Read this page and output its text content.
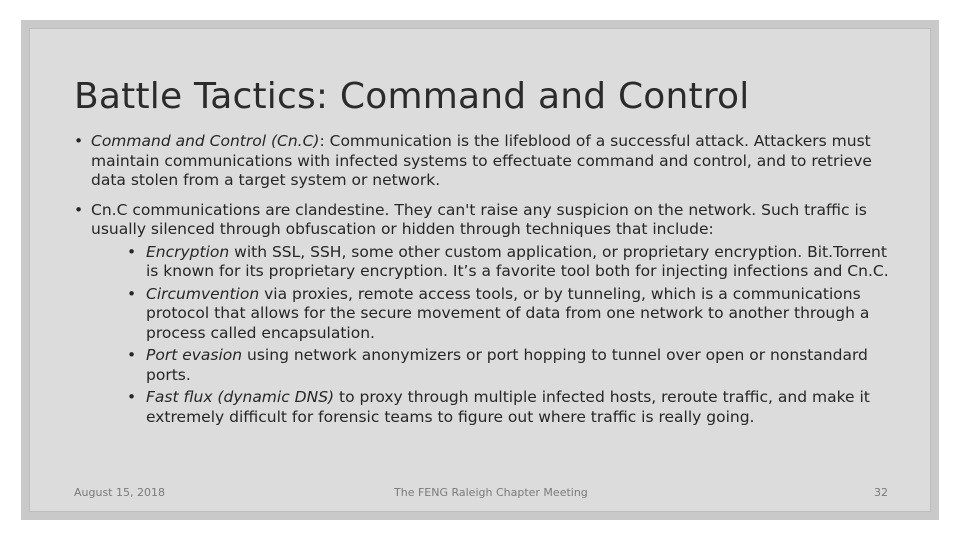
Battle Tactics: Command and Control
• Command and Control (Cn.C): Communication is the lifeblood of a successful attack. Attackers must maintain communications with infected systems to effectuate command and control, and to retrieve data stolen from a target system or network.
• Cn.C communications are clandestine. They can't raise any suspicion on the network. Such traffic is usually silenced through obfuscation or hidden through techniques that include:
• Encryption with SSL, SSH, some other custom application, or proprietary encryption. Bit.Torrent is known for its proprietary encryption. It’s a favorite tool both for injecting infections and Cn.C.
• Circumvention via proxies, remote access tools, or by tunneling, which is a communications protocol that allows for the secure movement of data from one network to another through a process called encapsulation.
• Port evasion using network anonymizers or port hopping to tunnel over open or nonstandard ports.
• Fast flux (dynamic DNS) to proxy through multiple infected hosts, reroute traffic, and make it extremely difficult for forensic teams to figure out where traffic is really going.
August 15, 2018	The FENG Raleigh Chapter Meeting	32
